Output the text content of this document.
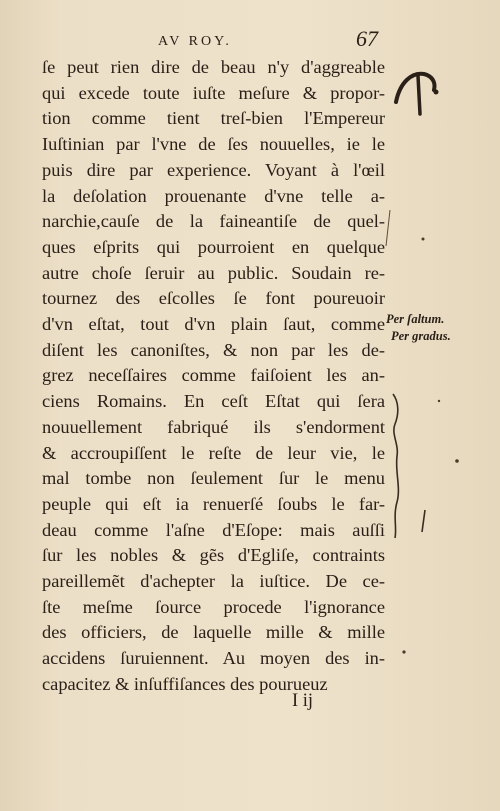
AV ROY.	67
ſe peut rien dire de beau n'y d'aggreable
qui excede toute iuſte meſure & propor-
tion comme tient treſ-bien l'Empereur
Iuſtinian par l'vne de ſes nouuelles, ie le
puis dire par experience. Voyant à l'œil
la deſolation prouenante d'vne telle a-
narchie,cauſe de la faineantiſe de quel-
ques eſprits qui pourroient en quelque
autre choſe ſeruir au public. Soudain re-
tournez des eſcolles ſe font poureuoir
d'vn eſtat, tout d'vn plain ſaut, comme
diſent les canoniſtes, & non par les de-
grez neceſſaires comme faiſoient les an-
ciens Romains. En ceſt Eſtat qui ſera
nouuellement fabriqué ils s'endorment
& accroupiſſent le reſte de leur vie, le
mal tombe non ſeulement ſur le menu
peuple qui eſt ia renuerſé ſoubs le far-
deau comme l'aſne d'Eſope: mais auſſi
ſur les nobles & gẽs d'Egliſe, contraints
pareillemẽt d'achepter la iuſtice. De ce-
ſte meſme ſource procede l'ignorance
des officiers, de laquelle mille & mille
accidens ſuruiennent. Au moyen des in-
capacitez & inſuffiſances des pourueuz
Per ſaltum.
Per gradus.
I ij
